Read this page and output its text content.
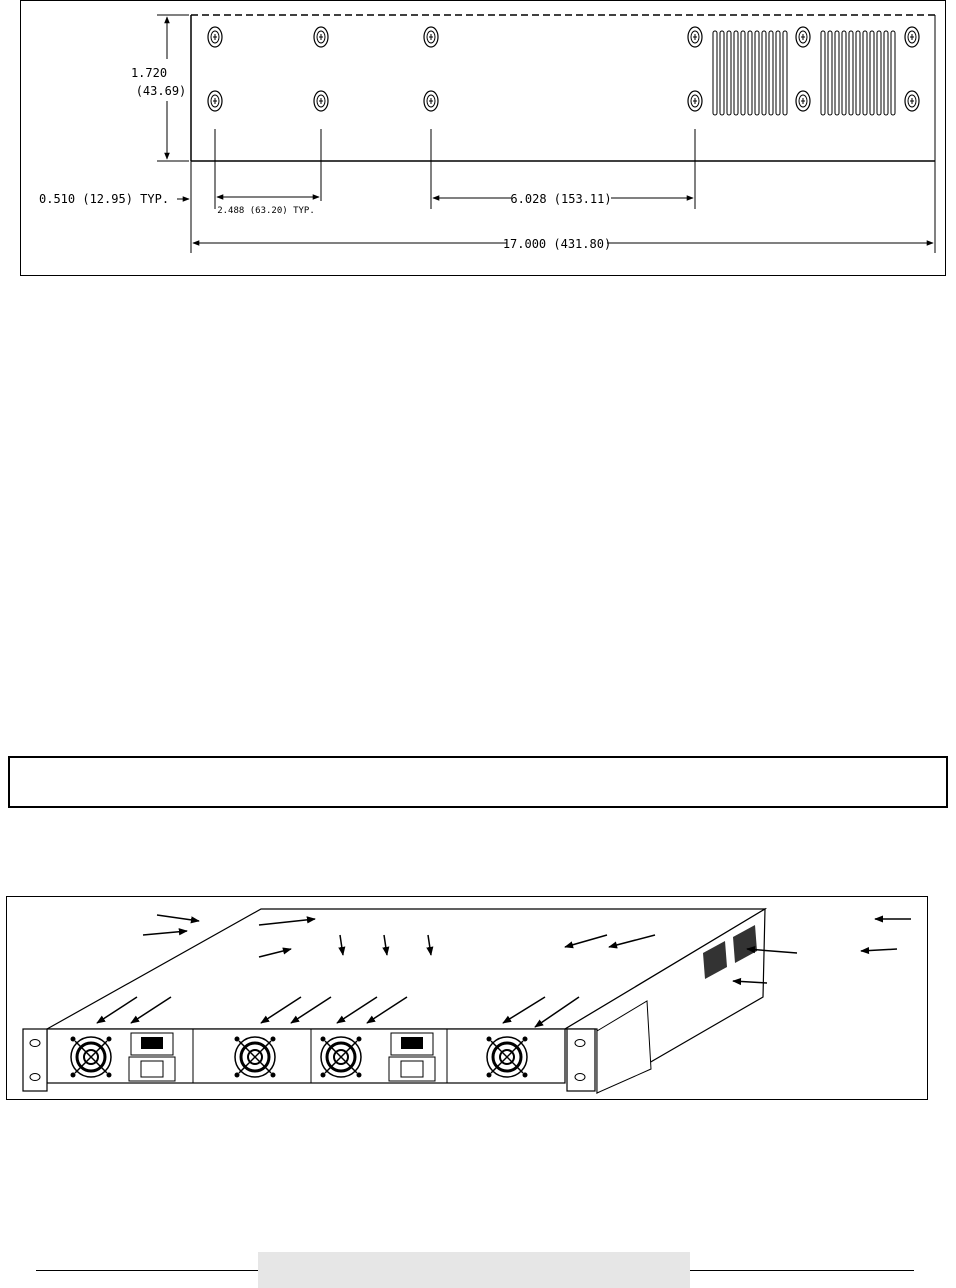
1.720
(43.69)
0.510 (12.95) TYP.
2.488 (63.20) TYP.
6.028 (153.11)
17.000 (431.80)
